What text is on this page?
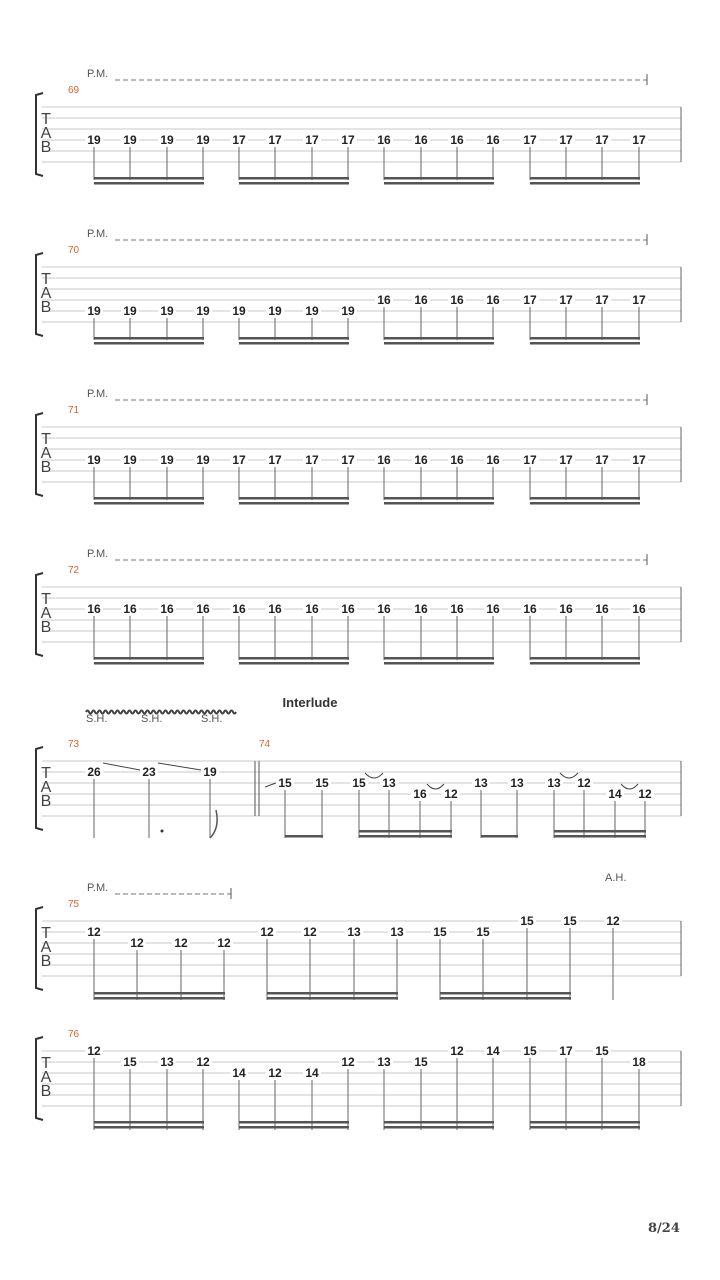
T
A
B
69
P.M.
19 19 19 19 17 17 17 17 16 16 16 16 17 17 17 17
T
A
B
70
P.M.
19 19 19 19 19 19 19 19
16 16 16 16 17 17 17 17
T
A
B
71
P.M.
19 19 19 19 17 17 17 17 16 16 16 16 17 17 17 17
T
A
B
72
P.M.
16 16 16 16 16 16 16 16 16 16 16 16 16 16 16 16
T
A
B
73	74
Interlude
S.H.	S.H.	S.H.
26	23	19
15 15 15 13
16 12
13 13 13 12
14 12
T
A
B
75
P.M.
A.H.
12
12	12 12
12 12	13 13 15 15
15 15 12
T
A
B
76
12
15 13 12
14 12 14
12 13 15
12 14 15 17 15
18
8/24
